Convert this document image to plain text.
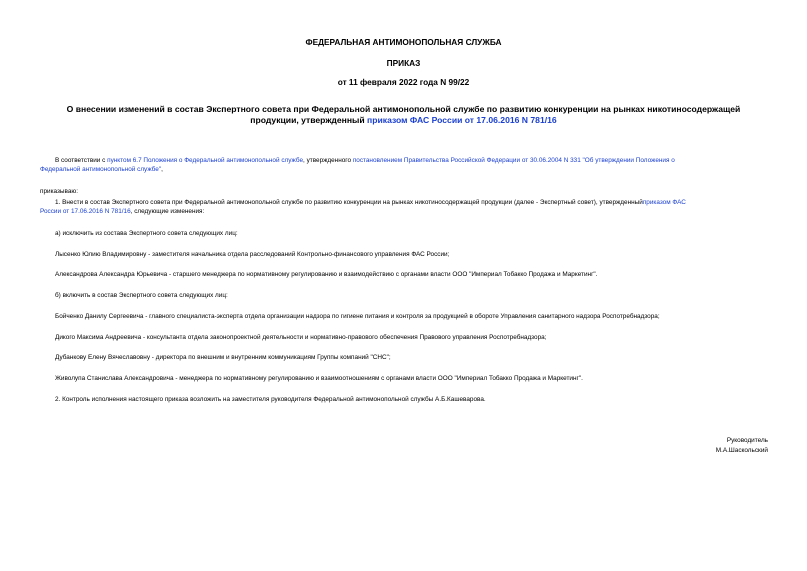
ФЕДЕРАЛЬНАЯ АНТИМОНОПОЛЬНАЯ СЛУЖБА
ПРИКАЗ
от 11 февраля 2022 года N 99/22
О внесении изменений в состав Экспертного совета при Федеральной антимонопольной службе по развитию конкуренции на рынках никотиносодержащей
продукции, утвержденный приказом ФАС России от 17.06.2016 N 781/16
В соответствии с пунктом 6.7 Положения о Федеральной антимонопольной службе, утвержденного постановлением Правительства Российской Федерации от 30.06.2004 N 331 "Об утверждении Положения о
Федеральной антимонопольной службе",
приказываю:
1. Внести в состав Экспертного совета при Федеральной антимонопольной службе по развитию конкуренции на рынках никотиносодержащей продукции (далее - Экспертный совет), утвержденныйприказом ФАС
России от 17.06.2016 N 781/16, следующие изменения:
а) исключить из состава Экспертного совета следующих лиц:
Лысенко Юлию Владимировну - заместителя начальника отдела расследований Контрольно-финансового управления ФАС России;
Александрова Александра Юрьевича - старшего менеджера по нормативному регулированию и взаимодействию с органами власти ООО "Империал Тобакко Продажа и Маркетинг".
б) включить в состав Экспертного совета следующих лиц:
Бойченко Данилу Сергеевича - главного специалиста-эксперта отдела организации надзора по гигиене питания и контроля за продукцией в обороте Управления санитарного надзора Роспотребнадзора;
Дикого Максима Андреевича - консультанта отдела законопроектной деятельности и нормативно-правового обеспечения Правового управления Роспотребнадзора;
Дубанкову Елену Вячеславовну - директора по внешним и внутренним коммуникациям Группы компаний "СНС";
Живолупа Станислава Александровича - менеджера по нормативному регулированию и взаимоотношениям с органами власти ООО "Империал Тобакко Продажа и Маркетинг".
2. Контроль исполнения настоящего приказа возложить на заместителя руководителя Федеральной антимонопольной службы А.Б.Кашеварова.
Руководитель
М.А.Шаскольский
